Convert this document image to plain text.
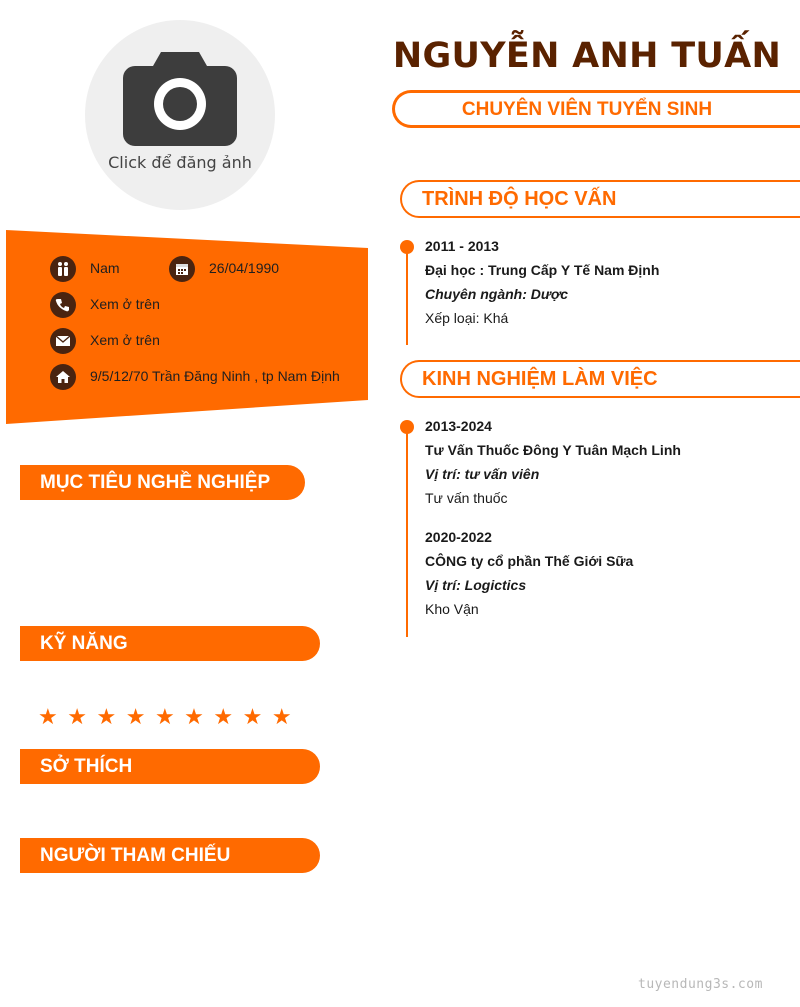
Click để đăng ảnh
NGUYỄN ANH TUẤN
CHUYÊN VIÊN TUYỂN SINH
Nam	26/04/1990
Xem ở trên
Xem ở trên
9/5/12/70 Trần Đăng Ninh , tp Nam Định
TRÌNH ĐỘ HỌC VẤN
2011 - 2013
Đại học : Trung Cấp Y Tế Nam Định
Chuyên ngành: Dược
Xếp loại: Khá
KINH NGHIỆM LÀM VIỆC
2013-2024
Tư Vấn Thuốc Đông Y Tuân Mạch Linh
Vị trí: tư vấn viên
Tư vấn thuốc
2020-2022
CÔNG ty cổ phần Thế Giới Sữa
Vị trí: Logictics
Kho Vận
MỤC TIÊU NGHỀ NGHIỆP
KỸ NĂNG
★ ★ ★ ★ ★ ★ ★ ★ ★
SỞ THÍCH
NGƯỜI THAM CHIẾU
tuyendung3s.com
